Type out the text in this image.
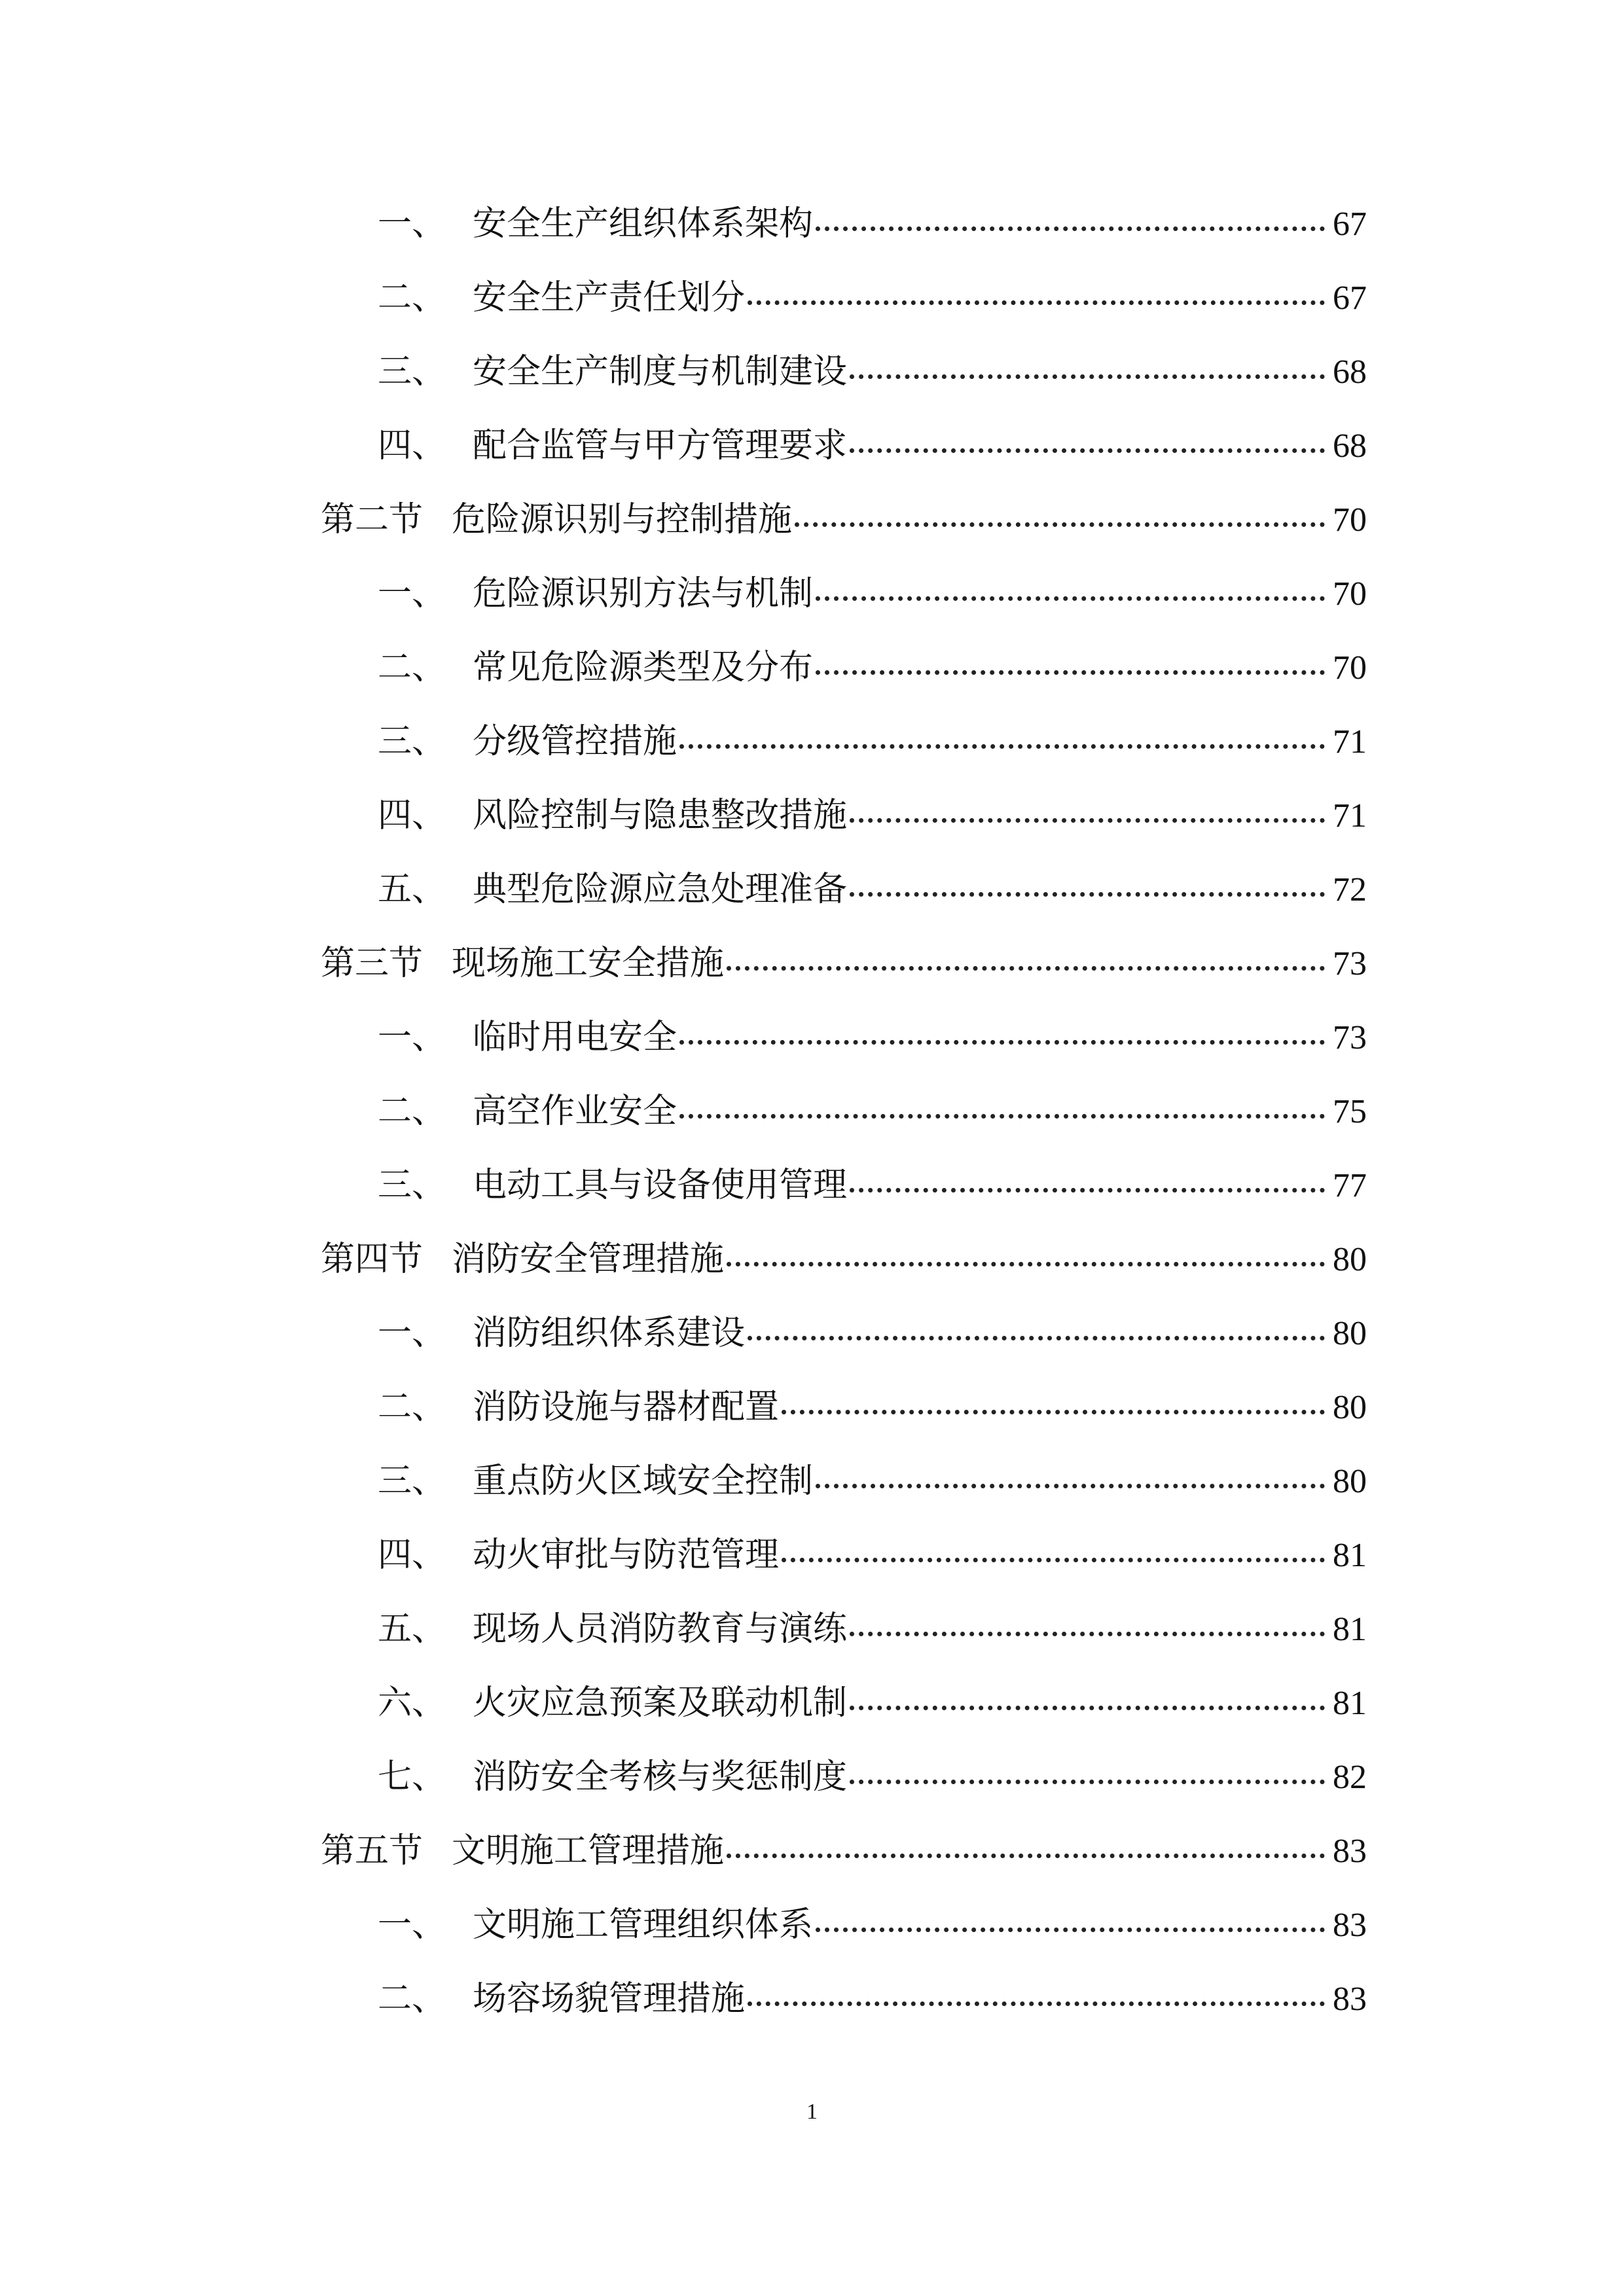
一、 安全生产组织体系架构	67
二、 安全生产责任划分	67
三、 安全生产制度与机制建设	68
四、 配合监管与甲方管理要求	68
第二节 危险源识别与控制措施	70
一、 危险源识别方法与机制	70
二、 常见危险源类型及分布	70
三、 分级管控措施	71
四、 风险控制与隐患整改措施	71
五、 典型危险源应急处理准备	72
第三节 现场施工安全措施	73
一、 临时用电安全	73
二、 高空作业安全	75
三、 电动工具与设备使用管理	77
第四节 消防安全管理措施	80
一、 消防组织体系建设	80
二、 消防设施与器材配置	80
三、 重点防火区域安全控制	80
四、 动火审批与防范管理	81
五、 现场人员消防教育与演练	81
六、 火灾应急预案及联动机制	81
七、 消防安全考核与奖惩制度	82
第五节 文明施工管理措施	83
一、 文明施工管理组织体系	83
二、 场容场貌管理措施	83
1
